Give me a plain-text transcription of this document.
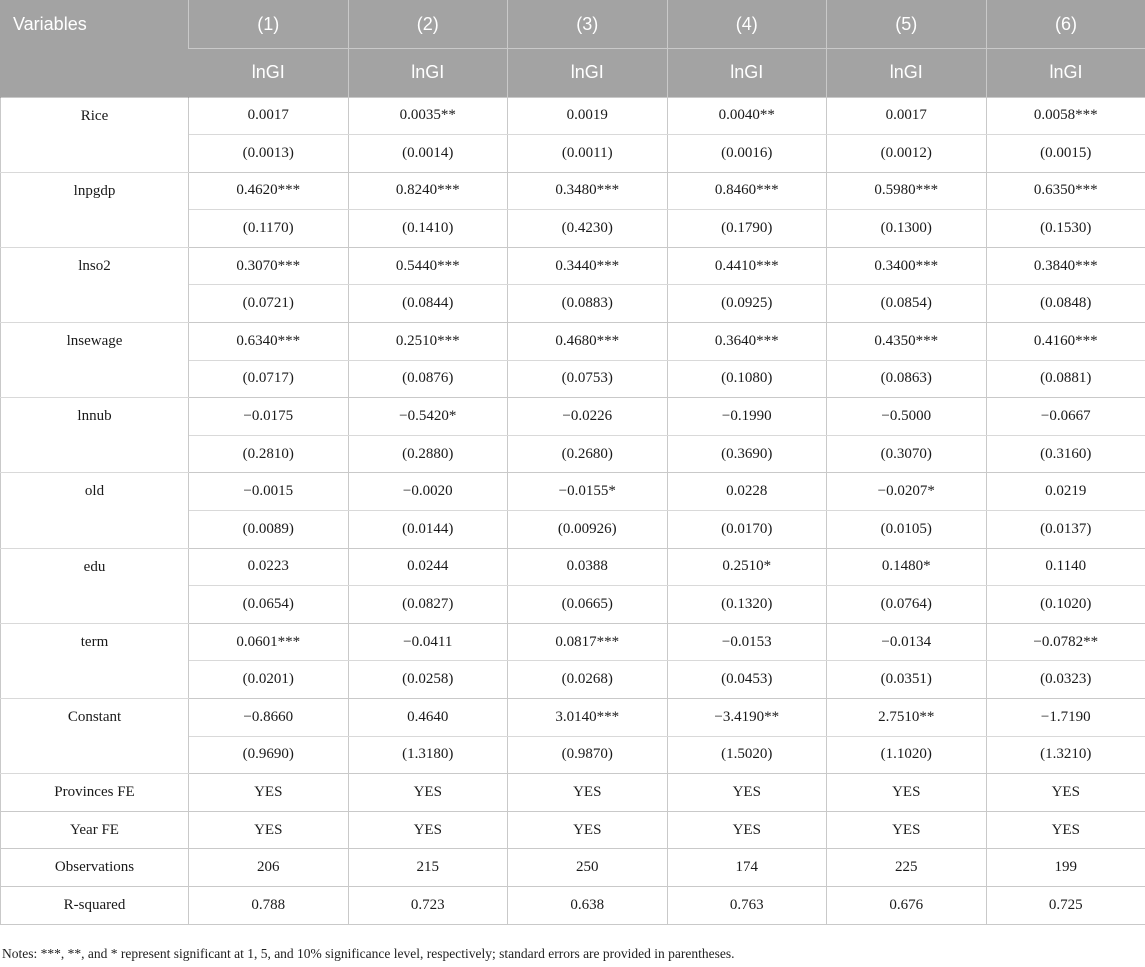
Variables	(1)	(2)	(3)	(4)	(5)	(6)
	lnGI	lnGI	lnGI	lnGI	lnGI	lnGI
Rice	0.0017	0.0035**	0.0019	0.0040**	0.0017	0.0058***
	(0.0013)	(0.0014)	(0.0011)	(0.0016)	(0.0012)	(0.0015)
lnpgdp	0.4620***	0.8240***	0.3480***	0.8460***	0.5980***	0.6350***
	(0.1170)	(0.1410)	(0.4230)	(0.1790)	(0.1300)	(0.1530)
lnso2	0.3070***	0.5440***	0.3440***	0.4410***	0.3400***	0.3840***
	(0.0721)	(0.0844)	(0.0883)	(0.0925)	(0.0854)	(0.0848)
lnsewage	0.6340***	0.2510***	0.4680***	0.3640***	0.4350***	0.4160***
	(0.0717)	(0.0876)	(0.0753)	(0.1080)	(0.0863)	(0.0881)
lnnub	−0.0175	−0.5420*	−0.0226	−0.1990	−0.5000	−0.0667
	(0.2810)	(0.2880)	(0.2680)	(0.3690)	(0.3070)	(0.3160)
old	−0.0015	−0.0020	−0.0155*	0.0228	−0.0207*	0.0219
	(0.0089)	(0.0144)	(0.00926)	(0.0170)	(0.0105)	(0.0137)
edu	0.0223	0.0244	0.0388	0.2510*	0.1480*	0.1140
	(0.0654)	(0.0827)	(0.0665)	(0.1320)	(0.0764)	(0.1020)
term	0.0601***	−0.0411	0.0817***	−0.0153	−0.0134	−0.0782**
	(0.0201)	(0.0258)	(0.0268)	(0.0453)	(0.0351)	(0.0323)
Constant	−0.8660	0.4640	3.0140***	−3.4190**	2.7510**	−1.7190
	(0.9690)	(1.3180)	(0.9870)	(1.5020)	(1.1020)	(1.3210)
Provinces FE	YES	YES	YES	YES	YES	YES
Year FE	YES	YES	YES	YES	YES	YES
Observations	206	215	250	174	225	199
R-squared	0.788	0.723	0.638	0.763	0.676	0.725
Notes: ***, **, and * represent significant at 1, 5, and 10% significance level, respectively; standard errors are provided in parentheses.
